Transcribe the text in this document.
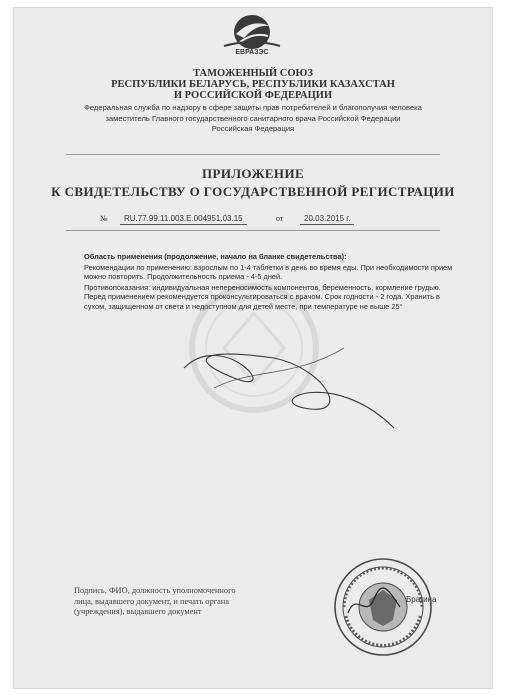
ЕВРАЗЭС
ТАМОЖЕННЫЙ СОЮЗ
РЕСПУБЛИКИ БЕЛАРУСЬ, РЕСПУБЛИКИ КАЗАХСТАН
И РОССИЙСКОЙ ФЕДЕРАЦИИ
Федеральная служба по надзору в сфере защиты прав потребителей и благополучия человека
заместитель Главного государственного санитарного врача Российской Федерации
Российская Федерация
ПРИЛОЖЕНИЕ
К СВИДЕТЕЛЬСТВУ О ГОСУДАРСТВЕННОЙ РЕГИСТРАЦИИ
№	RU.77.99.11.003.E.004951.03.15	от	20.03.2015 г.
Область применения (продолжение, начало на бланке свидетельства):

Рекомендации по применению: взрослым по 1-4 таблетки в день во время еды. При необходимости прием можно повторить. Продолжительность приема - 4-5 дней.

Противопоказания: индивидуальная непереносимость компонентов, беременность, кормление грудью. Перед применением рекомендуется проконсультироваться с врачом. Срок годности - 2 года. Хранить в сухом, защищенном от света и недоступном для детей месте, при температуре не выше 25°

Подпись, ФИО, должность уполномоченного
лица, выдавшего документ, и печать органа
(учреждения), выдавшего документ
Брагина
